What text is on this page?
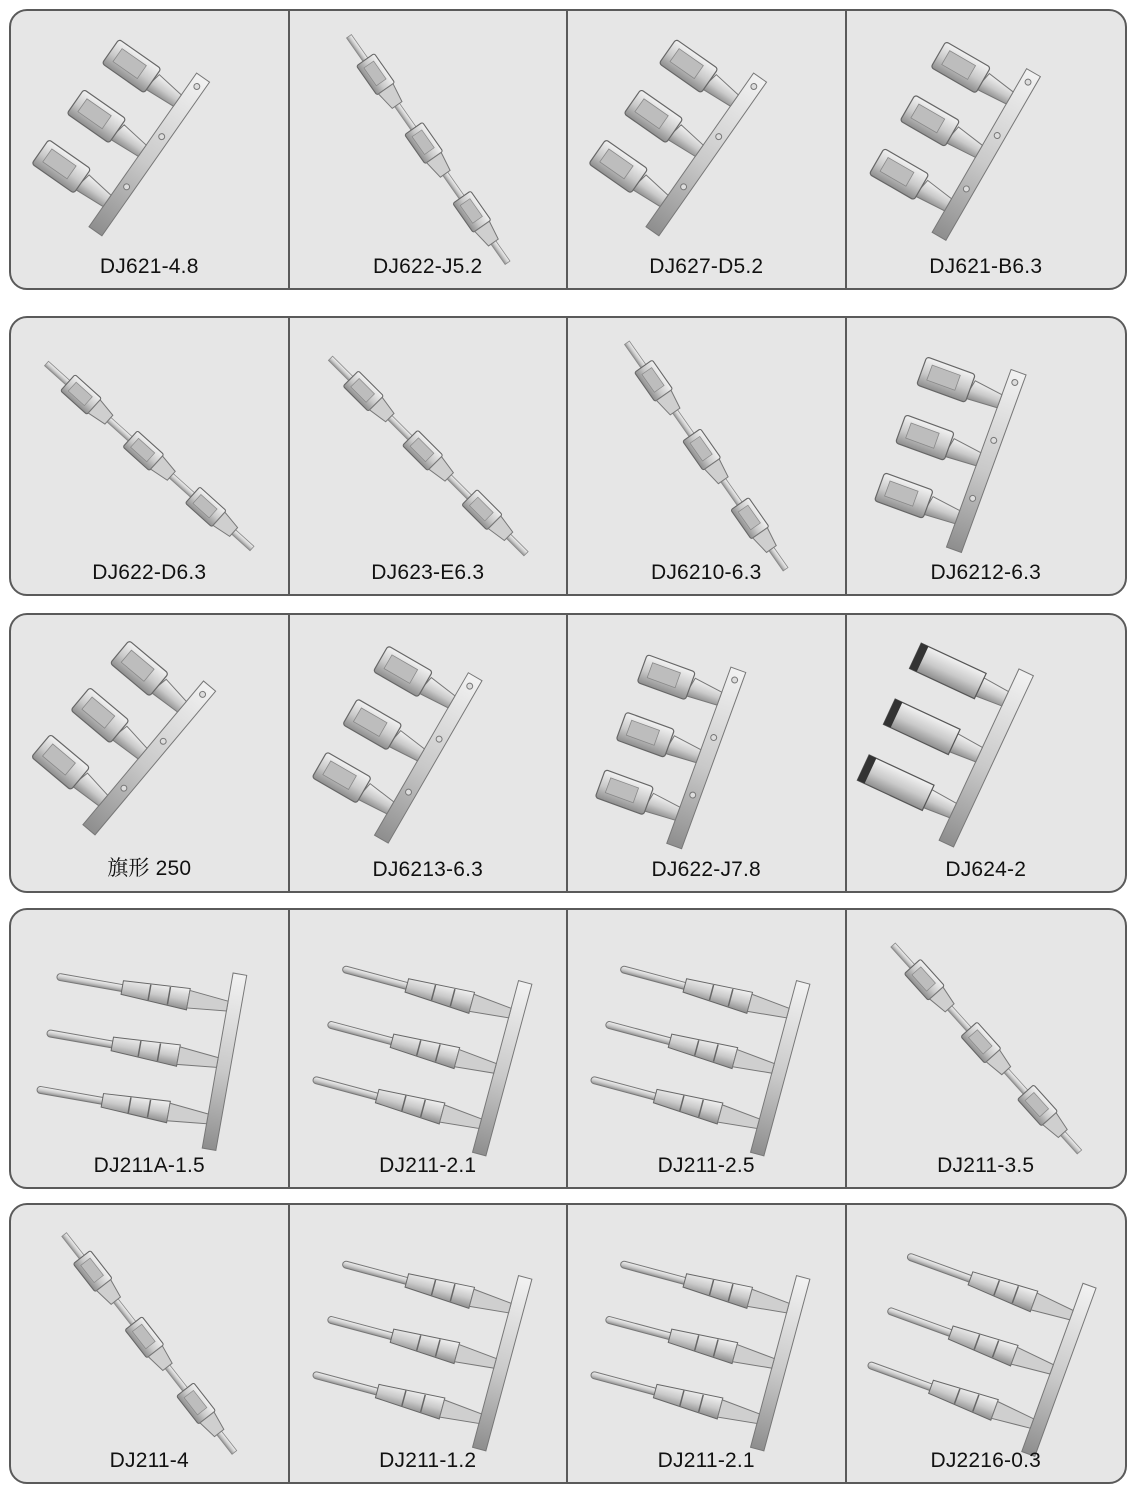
DJ621-4.8	DJ622-J5.2	DJ627-D5.2	DJ621-B6.3
DJ622-D6.3	DJ623-E6.3	DJ6210-6.3	DJ6212-6.3
旗形 250	DJ6213-6.3	DJ622-J7.8	DJ624-2
DJ211A-1.5	DJ211-2.1	DJ211-2.5	DJ211-3.5
DJ211-4	DJ211-1.2	DJ211-2.1	DJ2216-0.3
